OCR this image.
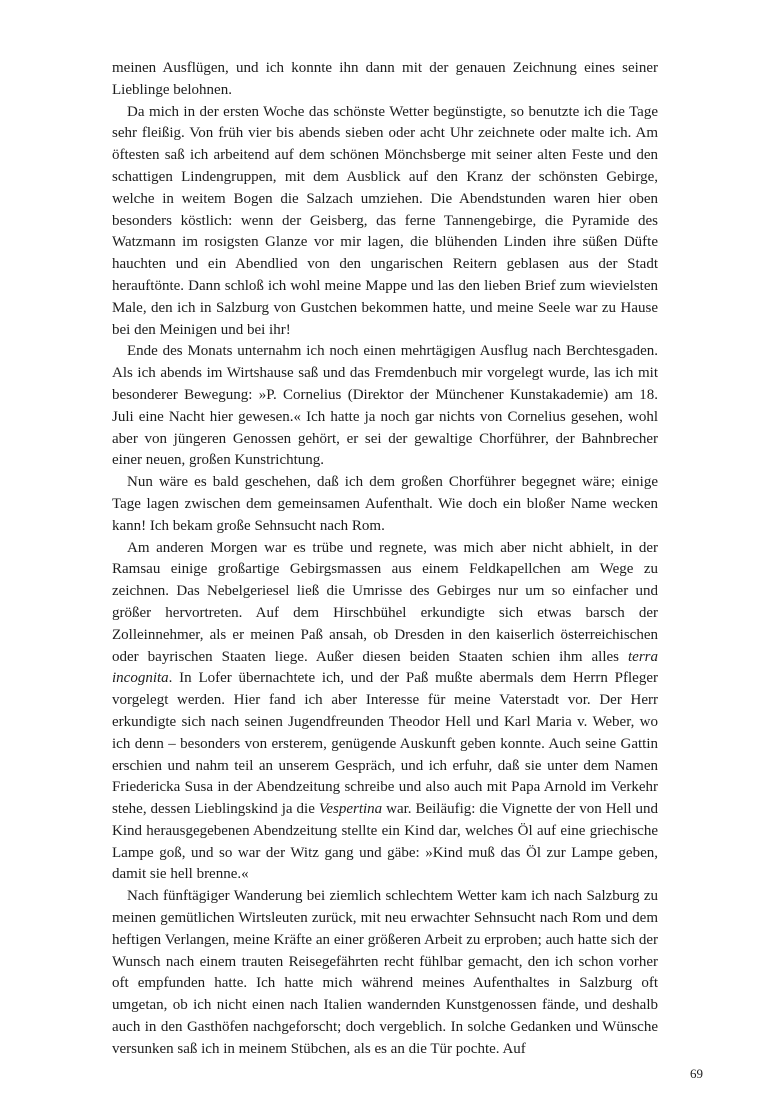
meinen Ausflügen, und ich konnte ihn dann mit der genauen Zeichnung eines seiner Lieblinge belohnen.

Da mich in der ersten Woche das schönste Wetter begünstigte, so benutzte ich die Tage sehr fleißig. Von früh vier bis abends sieben oder acht Uhr zeichnete oder malte ich. Am öftesten saß ich arbeitend auf dem schönen Mönchsberge mit seiner alten Feste und den schattigen Lindengruppen, mit dem Ausblick auf den Kranz der schönsten Gebirge, welche in weitem Bogen die Salzach umziehen. Die Abendstunden waren hier oben besonders köstlich: wenn der Geisberg, das ferne Tannengebirge, die Pyramide des Watzmann im rosigsten Glanze vor mir lagen, die blühenden Linden ihre süßen Düfte hauchten und ein Abendlied von den ungarischen Reitern geblasen aus der Stadt herauftönte. Dann schloß ich wohl meine Mappe und las den lieben Brief zum wievielsten Male, den ich in Salzburg von Gustchen bekommen hatte, und meine Seele war zu Hause bei den Meinigen und bei ihr!

Ende des Monats unternahm ich noch einen mehrtägigen Ausflug nach Berchtesgaden. Als ich abends im Wirtshause saß und das Fremdenbuch mir vorgelegt wurde, las ich mit besonderer Bewegung: »P. Cornelius (Direktor der Münchener Kunstakademie) am 18. Juli eine Nacht hier gewesen.« Ich hatte ja noch gar nichts von Cornelius gesehen, wohl aber von jüngeren Genossen gehört, er sei der gewaltige Chorführer, der Bahnbrecher einer neuen, großen Kunstrichtung.

Nun wäre es bald geschehen, daß ich dem großen Chorführer begegnet wäre; einige Tage lagen zwischen dem gemeinsamen Aufenthalt. Wie doch ein bloßer Name wecken kann! Ich bekam große Sehnsucht nach Rom.

Am anderen Morgen war es trübe und regnete, was mich aber nicht abhielt, in der Ramsau einige großartige Gebirgsmassen aus einem Feldkapellchen am Wege zu zeichnen. Das Nebelgeriesel ließ die Umrisse des Gebirges nur um so einfacher und größer hervortreten. Auf dem Hirschbühel erkundigte sich etwas barsch der Zolleinnehmer, als er meinen Paß ansah, ob Dresden in den kaiserlich österreichischen oder bayrischen Staaten liege. Außer diesen beiden Staaten schien ihm alles terra incognita. In Lofer übernachtete ich, und der Paß mußte abermals dem Herrn Pfleger vorgelegt werden. Hier fand ich aber Interesse für meine Vaterstadt vor. Der Herr erkundigte sich nach seinen Jugendfreunden Theodor Hell und Karl Maria v. Weber, wo ich denn – besonders von ersterem, genügende Auskunft geben konnte. Auch seine Gattin erschien und nahm teil an unserem Gespräch, und ich erfuhr, daß sie unter dem Namen Friedericka Susa in der Abendzeitung schreibe und also auch mit Papa Arnold im Verkehr stehe, dessen Lieblingskind ja die Vespertina war. Beiläufig: die Vignette der von Hell und Kind herausgegebenen Abendzeitung stellte ein Kind dar, welches Öl auf eine griechische Lampe goß, und so war der Witz gang und gäbe: »Kind muß das Öl zur Lampe geben, damit sie hell brenne.«

Nach fünftägiger Wanderung bei ziemlich schlechtem Wetter kam ich nach Salzburg zu meinen gemütlichen Wirtsleuten zurück, mit neu erwachter Sehnsucht nach Rom und dem heftigen Verlangen, meine Kräfte an einer größeren Arbeit zu erproben; auch hatte sich der Wunsch nach einem trauten Reisegefährten recht fühlbar gemacht, den ich schon vorher oft empfunden hatte. Ich hatte mich während meines Aufenthaltes in Salzburg oft umgetan, ob ich nicht einen nach Italien wandernden Kunstgenossen fände, und deshalb auch in den Gasthöfen nachgeforscht; doch vergeblich. In solche Gedanken und Wünsche versunken saß ich in meinem Stübchen, als es an die Tür pochte. Auf

69
